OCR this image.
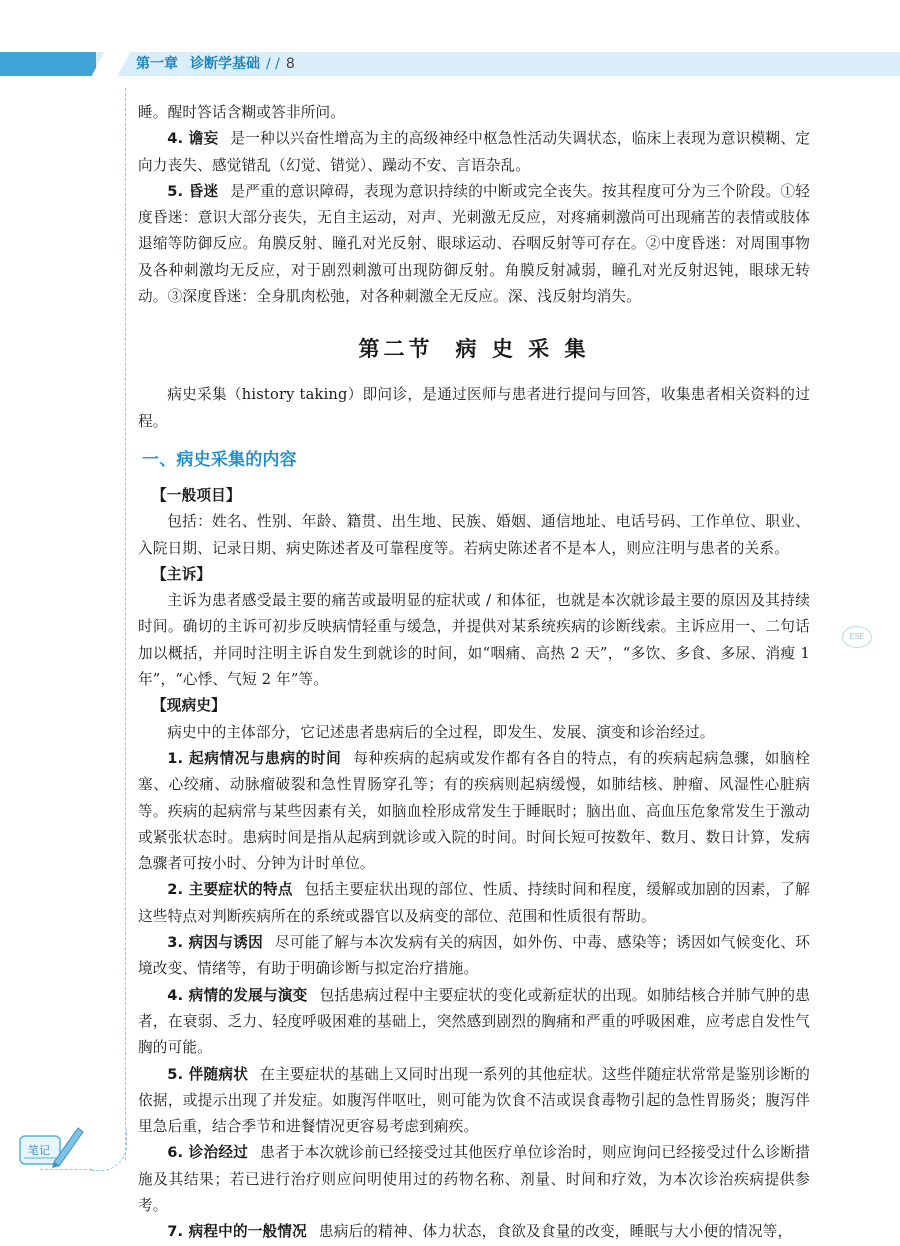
第一章 诊断学基础 / / 8
E5E
笔记

睡。醒时答话含糊或答非所问。

4. 谵妄 是一种以兴奋性增高为主的高级神经中枢急性活动失调状态，临床上表现为意识模糊、定向力丧失、感觉错乱（幻觉、错觉）、躁动不安、言语杂乱。

5. 昏迷 是严重的意识障碍，表现为意识持续的中断或完全丧失。按其程度可分为三个阶段。①轻度昏迷：意识大部分丧失，无自主运动，对声、光刺激无反应，对疼痛刺激尚可出现痛苦的表情或肢体退缩等防御反应。角膜反射、瞳孔对光反射、眼球运动、吞咽反射等可存在。②中度昏迷：对周围事物及各种刺激均无反应，对于剧烈刺激可出现防御反射。角膜反射减弱，瞳孔对光反射迟钝，眼球无转动。③深度昏迷：全身肌肉松弛，对各种刺激全无反应。深、浅反射均消失。

第二节 病 史 采 集

病史采集（history taking）即问诊，是通过医师与患者进行提问与回答，收集患者相关资料的过程。

一、病史采集的内容

【一般项目】

包括：姓名、性别、年龄、籍贯、出生地、民族、婚姻、通信地址、电话号码、工作单位、职业、入院日期、记录日期、病史陈述者及可靠程度等。若病史陈述者不是本人，则应注明与患者的关系。

【主诉】

主诉为患者感受最主要的痛苦或最明显的症状或 / 和体征，也就是本次就诊最主要的原因及其持续时间。确切的主诉可初步反映病情轻重与缓急，并提供对某系统疾病的诊断线索。主诉应用一、二句话加以概括，并同时注明主诉自发生到就诊的时间，如“咽痛、高热 2 天”，“多饮、多食、多尿、消瘦 1 年”，“心悸、气短 2 年”等。

【现病史】

病史中的主体部分，它记述患者患病后的全过程，即发生、发展、演变和诊治经过。

1. 起病情况与患病的时间 每种疾病的起病或发作都有各自的特点，有的疾病起病急骤，如脑栓塞、心绞痛、动脉瘤破裂和急性胃肠穿孔等；有的疾病则起病缓慢，如肺结核、肿瘤、风湿性心脏病等。疾病的起病常与某些因素有关，如脑血栓形成常发生于睡眠时；脑出血、高血压危象常发生于激动或紧张状态时。患病时间是指从起病到就诊或入院的时间。时间长短可按数年、数月、数日计算，发病急骤者可按小时、分钟为计时单位。

2. 主要症状的特点 包括主要症状出现的部位、性质、持续时间和程度，缓解或加剧的因素，了解这些特点对判断疾病所在的系统或器官以及病变的部位、范围和性质很有帮助。

3. 病因与诱因 尽可能了解与本次发病有关的病因，如外伤、中毒、感染等；诱因如气候变化、环境改变、情绪等，有助于明确诊断与拟定治疗措施。

4. 病情的发展与演变 包括患病过程中主要症状的变化或新症状的出现。如肺结核合并肺气肿的患者，在衰弱、乏力、轻度呼吸困难的基础上，突然感到剧烈的胸痛和严重的呼吸困难，应考虑自发性气胸的可能。

5. 伴随病状 在主要症状的基础上又同时出现一系列的其他症状。这些伴随症状常常是鉴别诊断的依据，或提示出现了并发症。如腹泻伴呕吐，则可能为饮食不洁或误食毒物引起的急性胃肠炎；腹泻伴里急后重，结合季节和进餐情况更容易考虑到痢疾。

6. 诊治经过 患者于本次就诊前已经接受过其他医疗单位诊治时，则应询问已经接受过什么诊断措施及其结果；若已进行治疗则应问明使用过的药物名称、剂量、时间和疗效，为本次诊治疾病提供参考。

7. 病程中的一般情况 患病后的精神、体力状态，食欲及食量的改变，睡眠与大小便的情况等，
